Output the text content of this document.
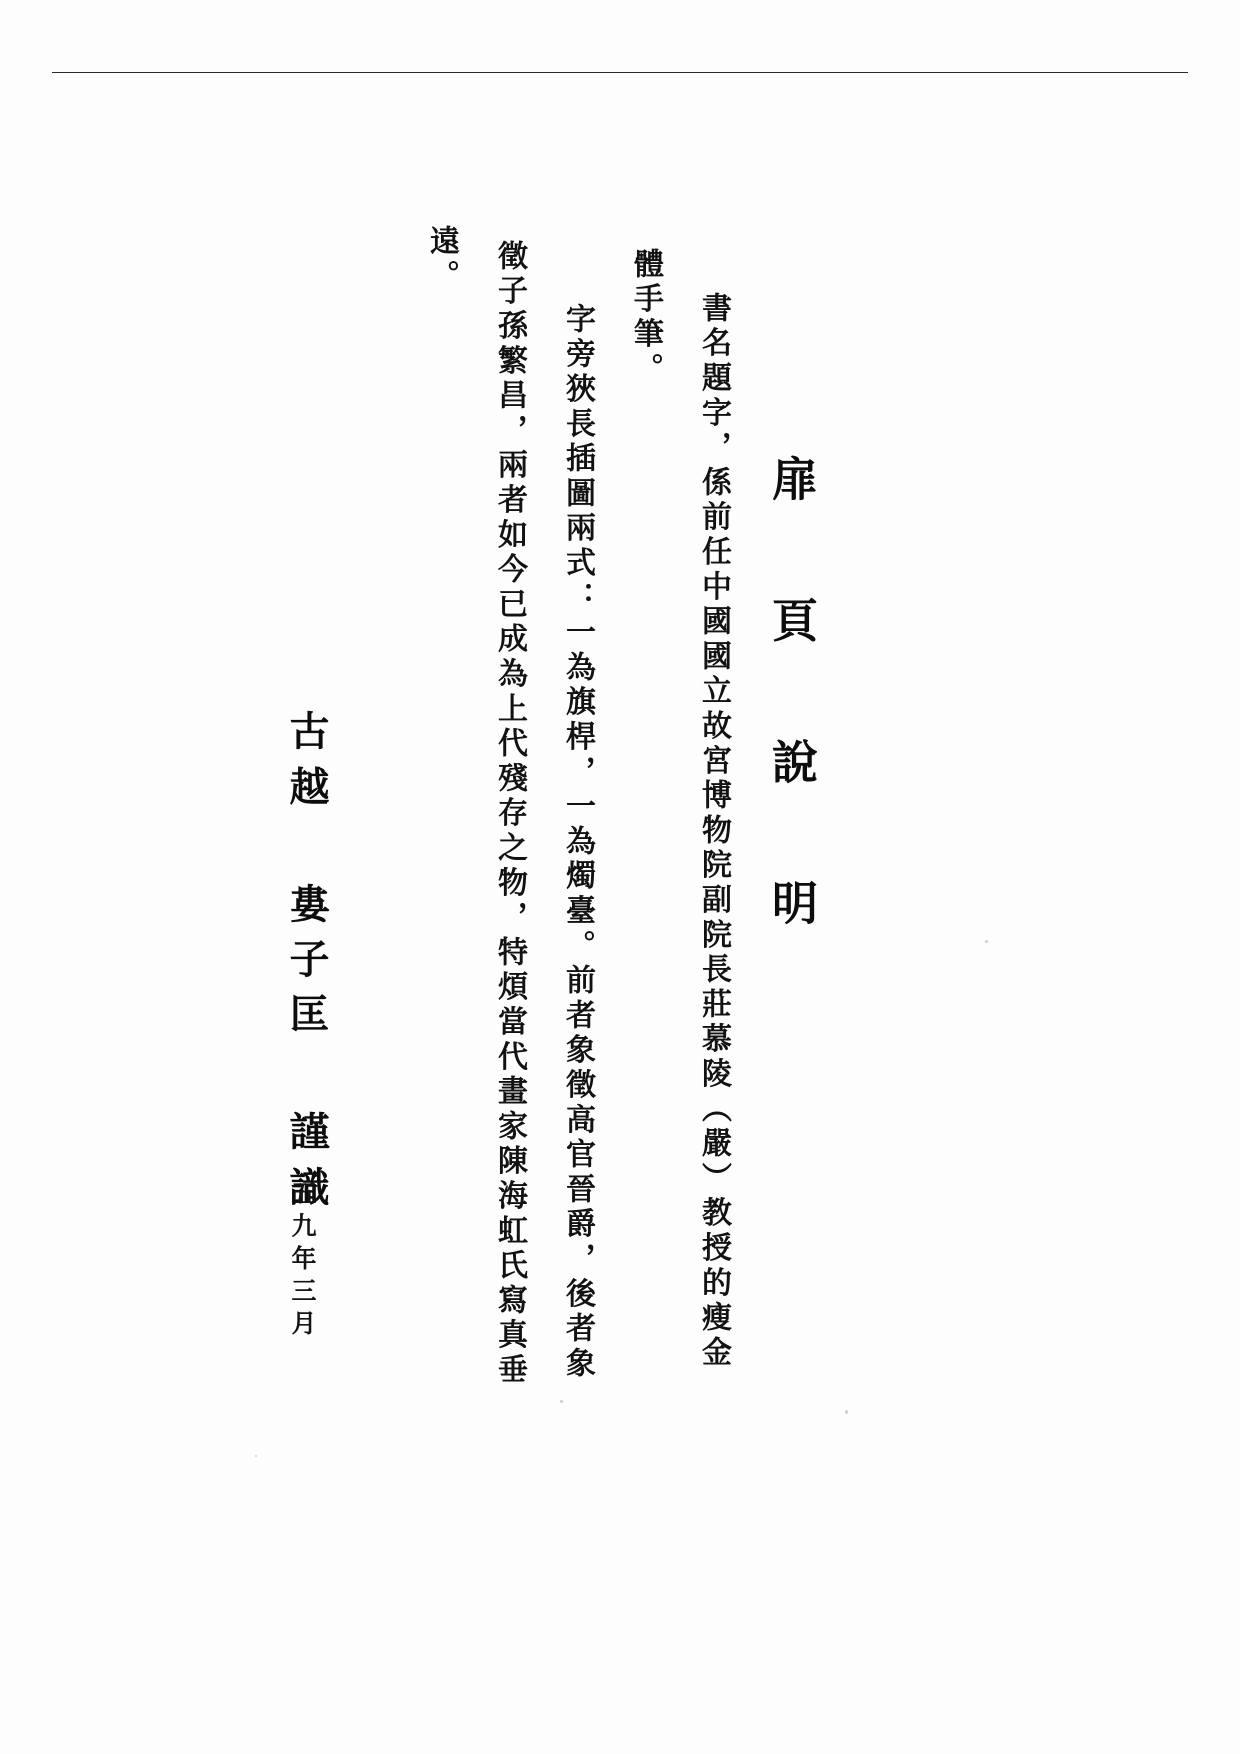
扉 頁 說 明
書名題字，係前任中國國立故宮博物院副院長莊慕陵（嚴）教授的瘦金
體手筆。
字旁狹長插圖兩式：一為旗桿，一為燭臺。前者象徵高官晉爵，後者象
徵子孫繁昌，兩者如今已成為上代殘存之物，特煩當代畫家陳海虹氏寫真垂
遠。
古越 婁子匡 謹識
五九年三月
